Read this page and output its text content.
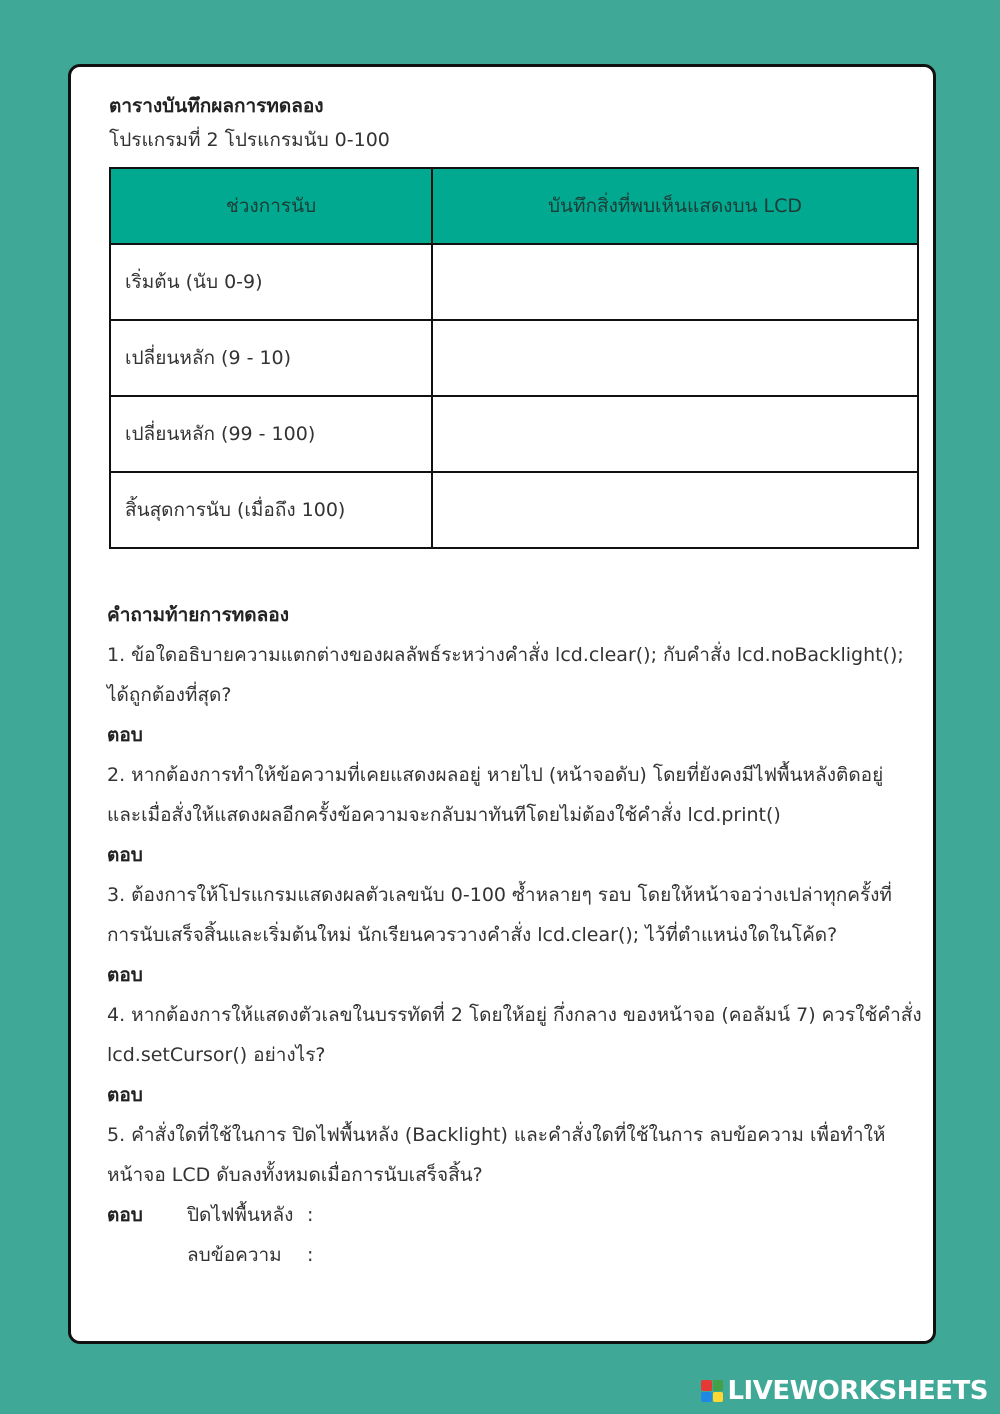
ตารางบันทึกผลการทดลอง
โปรแกรมที่ 2 โปรแกรมนับ 0-100
ช่วงการนับ	บันทึกสิ่งที่พบเห็นแสดงบน LCD
เริ่มต้น (นับ 0-9)	
เปลี่ยนหลัก (9 - 10)	
เปลี่ยนหลัก (99 - 100)	
สิ้นสุดการนับ (เมื่อถึง 100)	
คำถามท้ายการทดลอง
1. ข้อใดอธิบายความแตกต่างของผลลัพธ์ระหว่างคำสั่ง lcd.clear(); กับคำสั่ง lcd.noBacklight();
ได้ถูกต้องที่สุด?
ตอบ
2. หากต้องการทำให้ข้อความที่เคยแสดงผลอยู่ หายไป (หน้าจอดับ) โดยที่ยังคงมีไฟพื้นหลังติดอยู่
และเมื่อสั่งให้แสดงผลอีกครั้งข้อความจะกลับมาทันทีโดยไม่ต้องใช้คำสั่ง lcd.print()
ตอบ
3. ต้องการให้โปรแกรมแสดงผลตัวเลขนับ 0-100 ซ้ำหลายๆ รอบ โดยให้หน้าจอว่างเปล่าทุกครั้งที่
การนับเสร็จสิ้นและเริ่มต้นใหม่ นักเรียนควรวางคำสั่ง lcd.clear(); ไว้ที่ตำแหน่งใดในโค้ด?
ตอบ
4. หากต้องการให้แสดงตัวเลขในบรรทัดที่ 2 โดยให้อยู่ กึ่งกลาง ของหน้าจอ (คอลัมน์ 7) ควรใช้คำสั่ง
lcd.setCursor() อย่างไร?
ตอบ
5. คำสั่งใดที่ใช้ในการ ปิดไฟพื้นหลัง (Backlight) และคำสั่งใดที่ใช้ในการ ลบข้อความ เพื่อทำให้
หน้าจอ LCD ดับลงทั้งหมดเมื่อการนับเสร็จสิ้น?
ตอบ	ปิดไฟพื้นหลัง :
ลบข้อความ	:
LIVEWORKSHEETS
